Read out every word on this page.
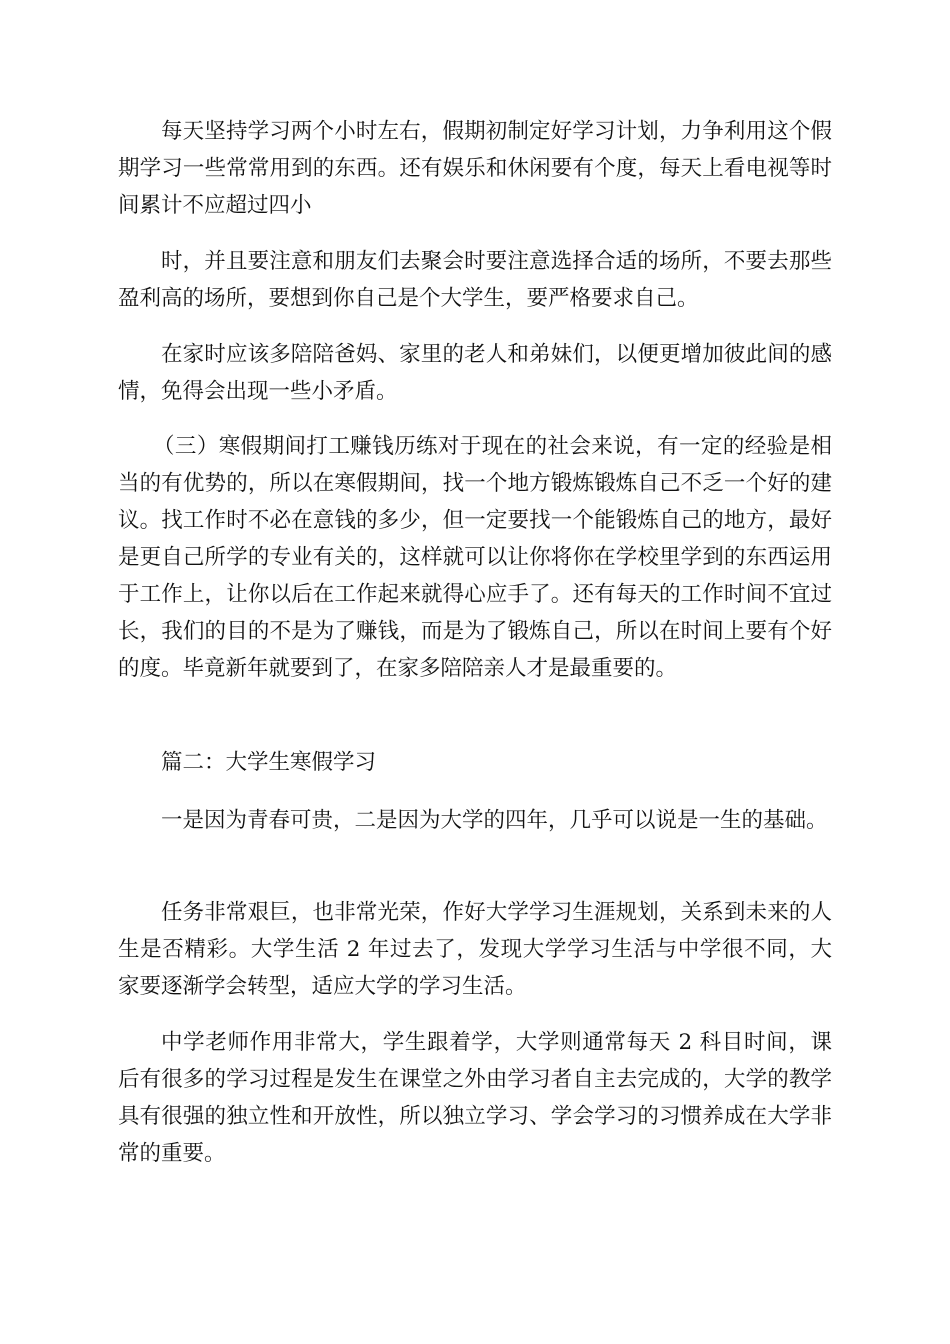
每天坚持学习两个小时左右，假期初制定好学习计划，力争利用这个假期学习一些常常用到的东西。还有娱乐和休闲要有个度，每天上看电视等时间累计不应超过四小

时，并且要注意和朋友们去聚会时要注意选择合适的场所，不要去那些盈利高的场所，要想到你自己是个大学生，要严格要求自己。

在家时应该多陪陪爸妈、家里的老人和弟妹们，以便更增加彼此间的感情，免得会出现一些小矛盾。

（三）寒假期间打工赚钱历练对于现在的社会来说，有一定的经验是相当的有优势的，所以在寒假期间，找一个地方锻炼锻炼自己不乏一个好的建议。找工作时不必在意钱的多少，但一定要找一个能锻炼自己的地方，最好是更自己所学的专业有关的，这样就可以让你将你在学校里学到的东西运用于工作上，让你以后在工作起来就得心应手了。还有每天的工作时间不宜过长，我们的目的不是为了赚钱，而是为了锻炼自己，所以在时间上要有个好的度。毕竟新年就要到了，在家多陪陪亲人才是最重要的。

篇二：大学生寒假学习

一是因为青春可贵，二是因为大学的四年，几乎可以说是一生的基础。

任务非常艰巨，也非常光荣，作好大学学习生涯规划，关系到未来的人生是否精彩。大学生活 2 年过去了，发现大学学习生活与中学很不同，大家要逐渐学会转型，适应大学的学习生活。

中学老师作用非常大，学生跟着学，大学则通常每天 2 科目时间，课后有很多的学习过程是发生在课堂之外由学习者自主去完成的，大学的教学具有很强的独立性和开放性，所以独立学习、学会学习的习惯养成在大学非常的重要。
